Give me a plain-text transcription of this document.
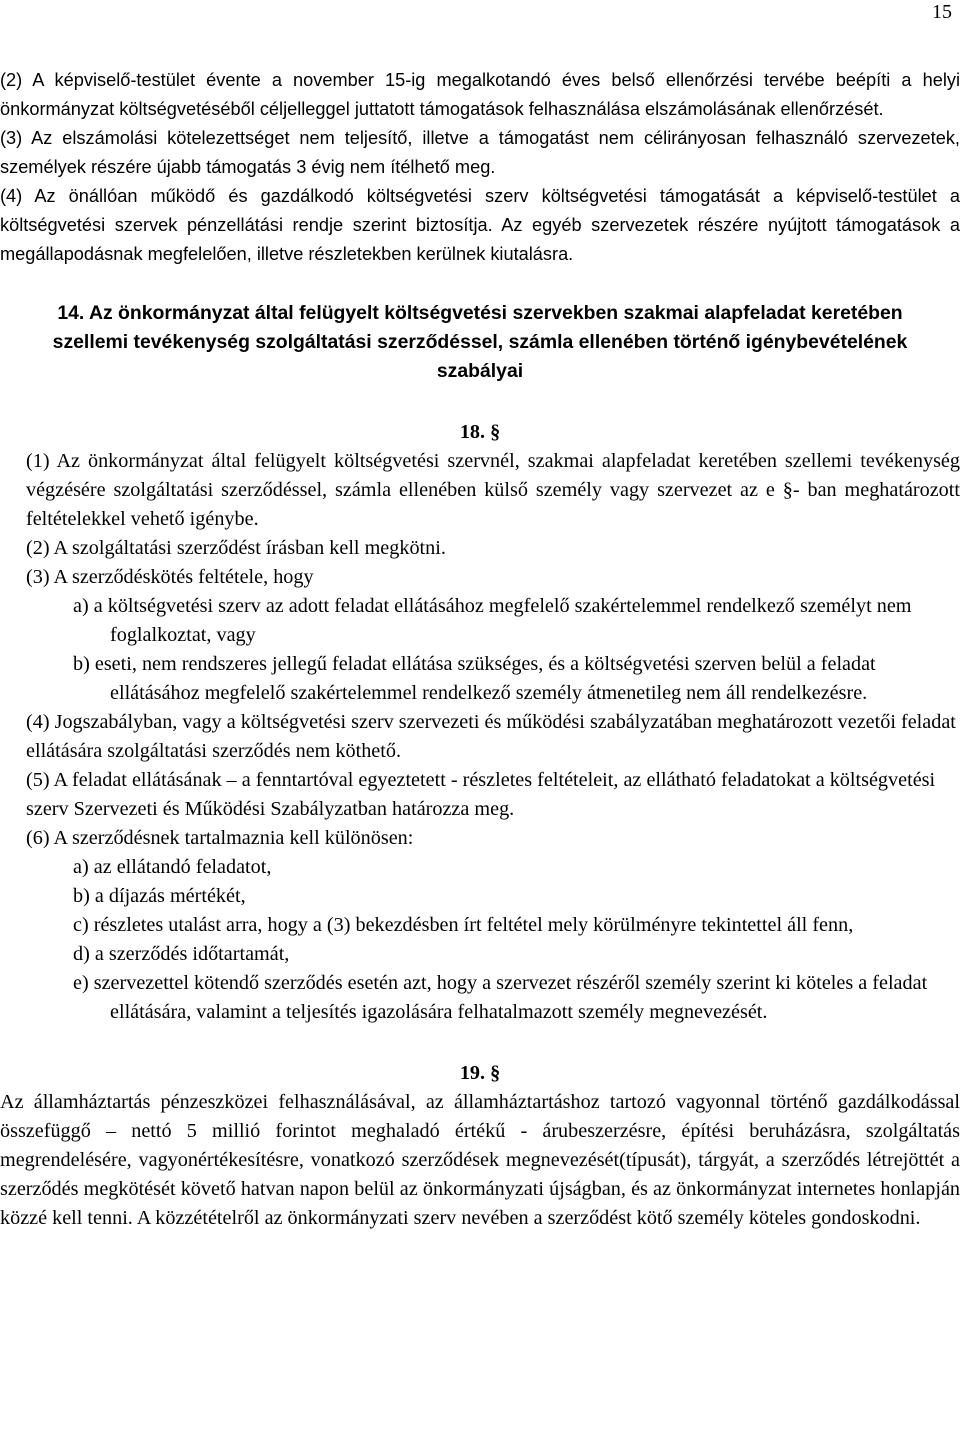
15

(2) A képviselő-testület évente a november 15-ig megalkotandó éves belső ellenőrzési tervébe beépíti a helyi önkormányzat költségvetéséből céljelleggel juttatott támogatások felhasználása elszámolásának ellenőrzését.

(3) Az elszámolási kötelezettséget nem teljesítő, illetve a támogatást nem célirányosan felhasználó szervezetek, személyek részére újabb támogatás 3 évig nem ítélhető meg.

(4) Az önállóan működő és gazdálkodó költségvetési szerv költségvetési támogatását a képviselő-testület a költségvetési szervek pénzellátási rendje szerint biztosítja. Az egyéb szervezetek részére nyújtott támogatások a megállapodásnak megfelelően, illetve részletekben kerülnek kiutalásra.

14. Az önkormányzat által felügyelt költségvetési szervekben szakmai alapfeladat keretében szellemi tevékenység szolgáltatási szerződéssel, számla ellenében történő igénybevételének szabályai
18. §

(1) Az önkormányzat által felügyelt költségvetési szervnél, szakmai alapfeladat keretében szellemi tevékenység végzésére szolgáltatási szerződéssel, számla ellenében külső személy vagy szervezet az e §- ban meghatározott feltételekkel vehető igénybe.

(2) A szolgáltatási szerződést írásban kell megkötni.

(3) A szerződéskötés feltétele, hogy

a) a költségvetési szerv az adott feladat ellátásához megfelelő szakértelemmel rendelkező személyt nem foglalkoztat, vagy

b) eseti, nem rendszeres jellegű feladat ellátása szükséges, és a költségvetési szerven belül a feladat ellátásához megfelelő szakértelemmel rendelkező személy átmenetileg nem áll rendelkezésre.

(4) Jogszabályban, vagy a költségvetési szerv szervezeti és működési szabályzatában meghatározott vezetői feladat ellátására szolgáltatási szerződés nem köthető.

(5) A feladat ellátásának – a fenntartóval egyeztetett - részletes feltételeit, az ellátható feladatokat a költségvetési szerv Szervezeti és Működési Szabályzatban határozza meg.

(6) A szerződésnek tartalmaznia kell különösen:

a) az ellátandó feladatot,

b) a díjazás mértékét,

c) részletes utalást arra, hogy a (3) bekezdésben írt feltétel mely körülményre tekintettel áll fenn,

d) a szerződés időtartamát,

e) szervezettel kötendő szerződés esetén azt, hogy a szervezet részéről személy szerint ki köteles a feladat ellátására, valamint a teljesítés igazolására felhatalmazott személy megnevezését.

19. §

Az államháztartás pénzeszközei felhasználásával, az államháztartáshoz tartozó vagyonnal történő gazdálkodással összefüggő – nettó 5 millió forintot meghaladó értékű - árubeszerzésre, építési beruházásra, szolgáltatás megrendelésére, vagyonértékesítésre, vonatkozó szerződések megnevezését(típusát), tárgyát, a szerződés létrejöttét a szerződés megkötését követő hatvan napon belül az önkormányzati újságban, és az önkormányzat internetes honlapján közzé kell tenni. A közzétételről az önkormányzati szerv nevében a szerződést kötő személy köteles gondoskodni.
